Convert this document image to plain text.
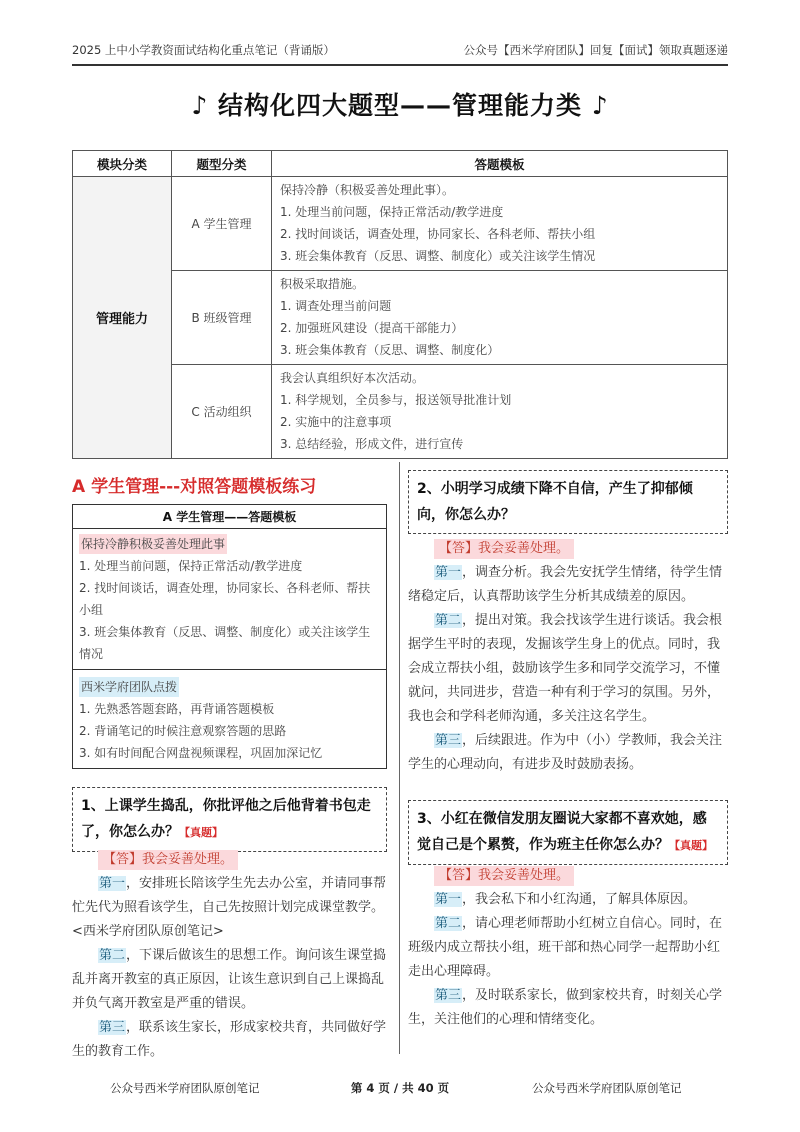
2025 上中小学教资面试结构化重点笔记（背诵版）	公众号【西米学府团队】回复【面试】领取真题逐递
♪ 结构化四大题型——管理能力类 ♪
模块分类	题型分类	答题模板
管理能力	A 学生管理	保持冷静（积极妥善处理此事）。
1. 处理当前问题，保持正常活动/教学进度
2. 找时间谈话，调查处理，协同家长、各科老师、帮扶小组
3. 班会集体教育（反思、调整、制度化）或关注该学生情况

	B 班级管理	积极采取措施。
1. 调查处理当前问题
2. 加强班风建设（提高干部能力）
3. 班会集体教育（反思、调整、制度化）

	C 活动组织	我会认真组织好本次活动。
1. 科学规划，全员参与，报送领导批准计划
2. 实施中的注意事项
3. 总结经验，形成文件，进行宣传
A 学生管理---对照答题模板练习
A 学生管理——答题模板
保持冷静积极妥善处理此事
1. 处理当前问题，保持正常活动/教学进度
2. 找时间谈话，调查处理，协同家长、各科老师、帮扶小组
3. 班会集体教育（反思、调整、制度化）或关注该学生情况
西米学府团队点拨
1. 先熟悉答题套路，再背诵答题模板
2. 背诵笔记的时候注意观察答题的思路
3. 如有时间配合网盘视频课程，巩固加深记忆
1、上课学生捣乱，你批评他之后他背着书包走了，你怎么办？【真题】
【答】我会妥善处理。

第一，安排班长陪该学生先去办公室，并请同事帮忙先代为照看该学生，自己先按照计划完成课堂教学。<西米学府团队原创笔记>

第二，下课后做该生的思想工作。询问该生课堂捣乱并离开教室的真正原因，让该生意识到自己上课捣乱并负气离开教室是严重的错误。

第三，联系该生家长，形成家校共育，共同做好学生的教育工作。

2、小明学习成绩下降不自信，产生了抑郁倾向，你怎么办？
【答】我会妥善处理。

第一，调查分析。我会先安抚学生情绪，待学生情绪稳定后，认真帮助该学生分析其成绩差的原因。

第二，提出对策。我会找该学生进行谈话。我会根据学生平时的表现，发掘该学生身上的优点。同时，我会成立帮扶小组，鼓励该学生多和同学交流学习，不懂就问，共同进步，营造一种有利于学习的氛围。另外，我也会和学科老师沟通，多关注这名学生。

第三，后续跟进。作为中（小）学教师，我会关注学生的心理动向，有进步及时鼓励表扬。

3、小红在微信发朋友圈说大家都不喜欢她，感觉自己是个累赘，作为班主任你怎么办？【真题】
【答】我会妥善处理。

第一，我会私下和小红沟通，了解具体原因。

第二，请心理老师帮助小红树立自信心。同时，在班级内成立帮扶小组，班干部和热心同学一起帮助小红走出心理障碍。

第三，及时联系家长，做到家校共育，时刻关心学生，关注他们的心理和情绪变化。

公众号西米学府团队原创笔记	第 4 页 / 共 40 页	公众号西米学府团队原创笔记
